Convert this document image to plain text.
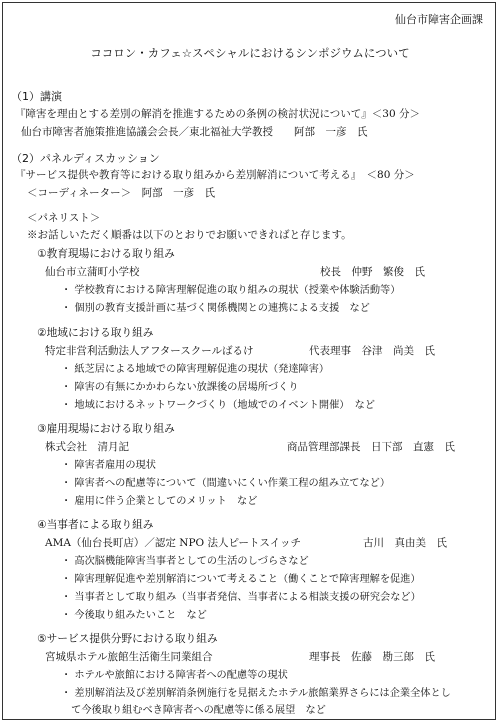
仙台市障害企画課
ココロン・カフェ☆スペシャルにおけるシンポジウムについて
（1）講演
『障害を理由とする差別の解消を推進するための条例の検討状況について』＜30 分＞
仙台市障害者施策推進協議会会長／東北福祉大学教授　　阿部　一彦　氏
（2）パネルディスカッション
『サービス提供や教育等における取り組みから差別解消について考える』　＜80 分＞
＜コーディネーター＞　阿部　一彦　氏
＜パネリスト＞
※お話しいただく順番は以下のとおりでお願いできればと存じます。
①教育現場における取り組み
仙台市立蒲町小学校	校長　仲野　繁俊　氏
・ 学校教育における障害理解促進の取り組みの現状（授業や体験活動等）
・ 個別の教育支援計画に基づく関係機関との連携による支援　など
②地域における取り組み
特定非営利活動法人アフタースクールばるけ	代表理事　谷津　尚美　氏
・ 紙芝居による地域での障害理解促進の現状（発達障害）
・ 障害の有無にかかわらない放課後の居場所づくり
・ 地域におけるネットワークづくり（地域でのイベント開催）　など
③雇用現場における取り組み
株式会社　清月記	商品管理部課長　日下部　直憲　氏
・ 障害者雇用の現状
・ 障害者への配慮等について（間違いにくい作業工程の組み立てなど）
・ 雇用に伴う企業としてのメリット　など
④当事者による取り組み
AMA（仙台長町店）／認定 NPO 法人ピートスイッチ	古川　真由美　氏
・ 高次脳機能障害当事者としての生活のしづらさなど
・ 障害理解促進や差別解消について考えること（働くことで障害理解を促進）
・ 当事者として取り組み（当事者発信、当事者による相談支援の研究会など）
・ 今後取り組みたいこと　など
⑤サービス提供分野における取り組み
宮城県ホテル旅館生活衛生同業組合	理事長　佐藤　勘三郎　氏
・ ホテルや旅館における障害者への配慮等の現状
・ 差別解消法及び差別解消条例施行を見据えたホテル旅館業界さらには企業全体とし
　て今後取り組むべき障害者への配慮等に係る展望　など
